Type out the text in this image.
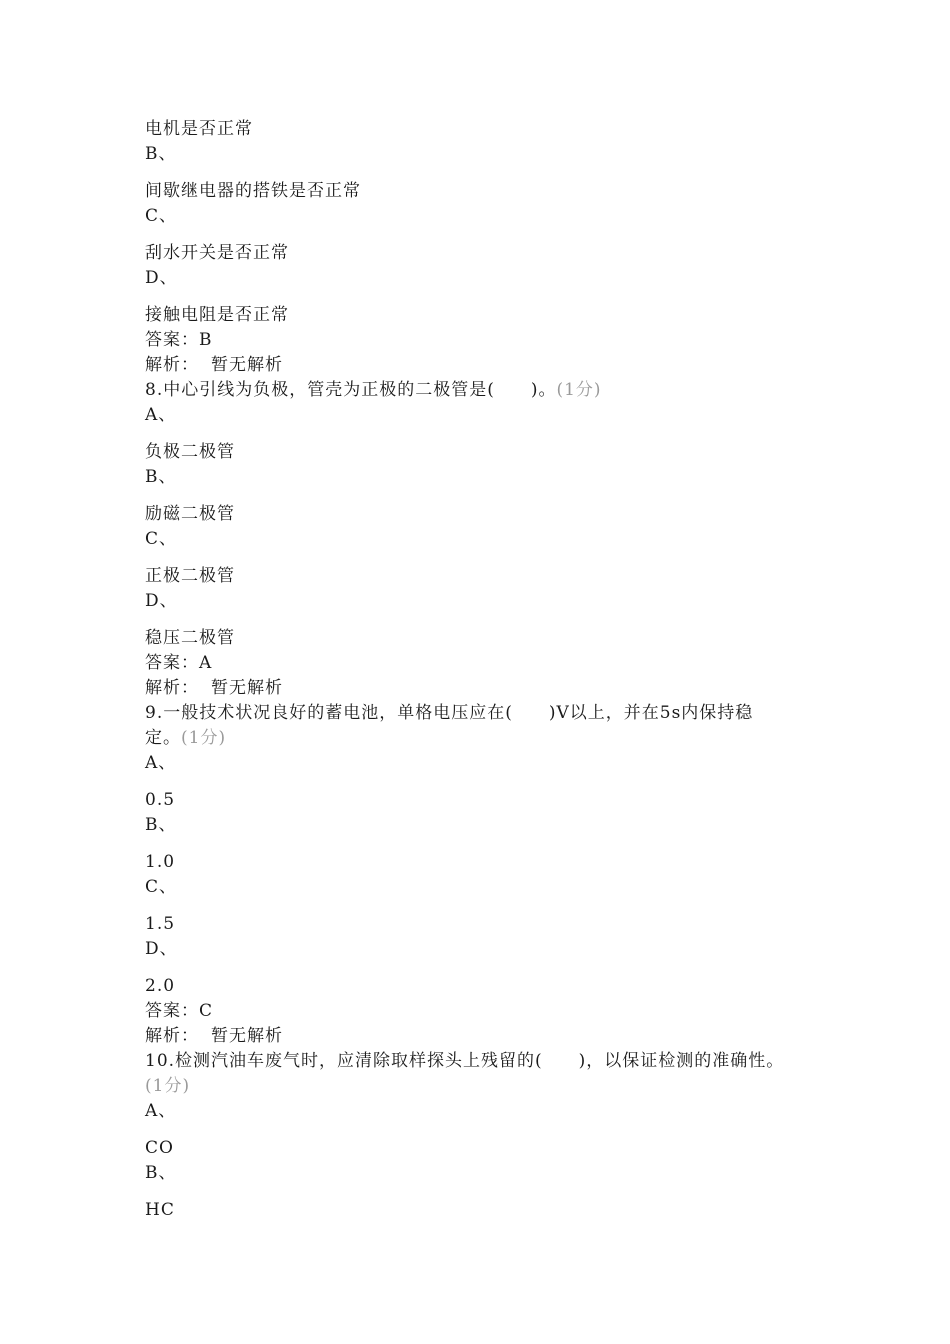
电机是否正常
B、
间歇继电器的搭铁是否正常
C、
刮水开关是否正常
D、
接触电阻是否正常
答案：B
解析： 暂无解析
8.中心引线为负极，管壳为正极的二极管是(　　)。(1分)
A、
负极二极管
B、
励磁二极管
C、
正极二极管
D、
稳压二极管
答案：A
解析： 暂无解析
9.一般技术状况良好的蓄电池，单格电压应在(　　)V以上，并在5s内保持稳
定。(1分)
A、
0.5
B、
1.0
C、
1.5
D、
2.0
答案：C
解析： 暂无解析
10.检测汽油车废气时，应清除取样探头上残留的(　　)，以保证检测的准确性。
(1分)
A、
CO
B、
HC
